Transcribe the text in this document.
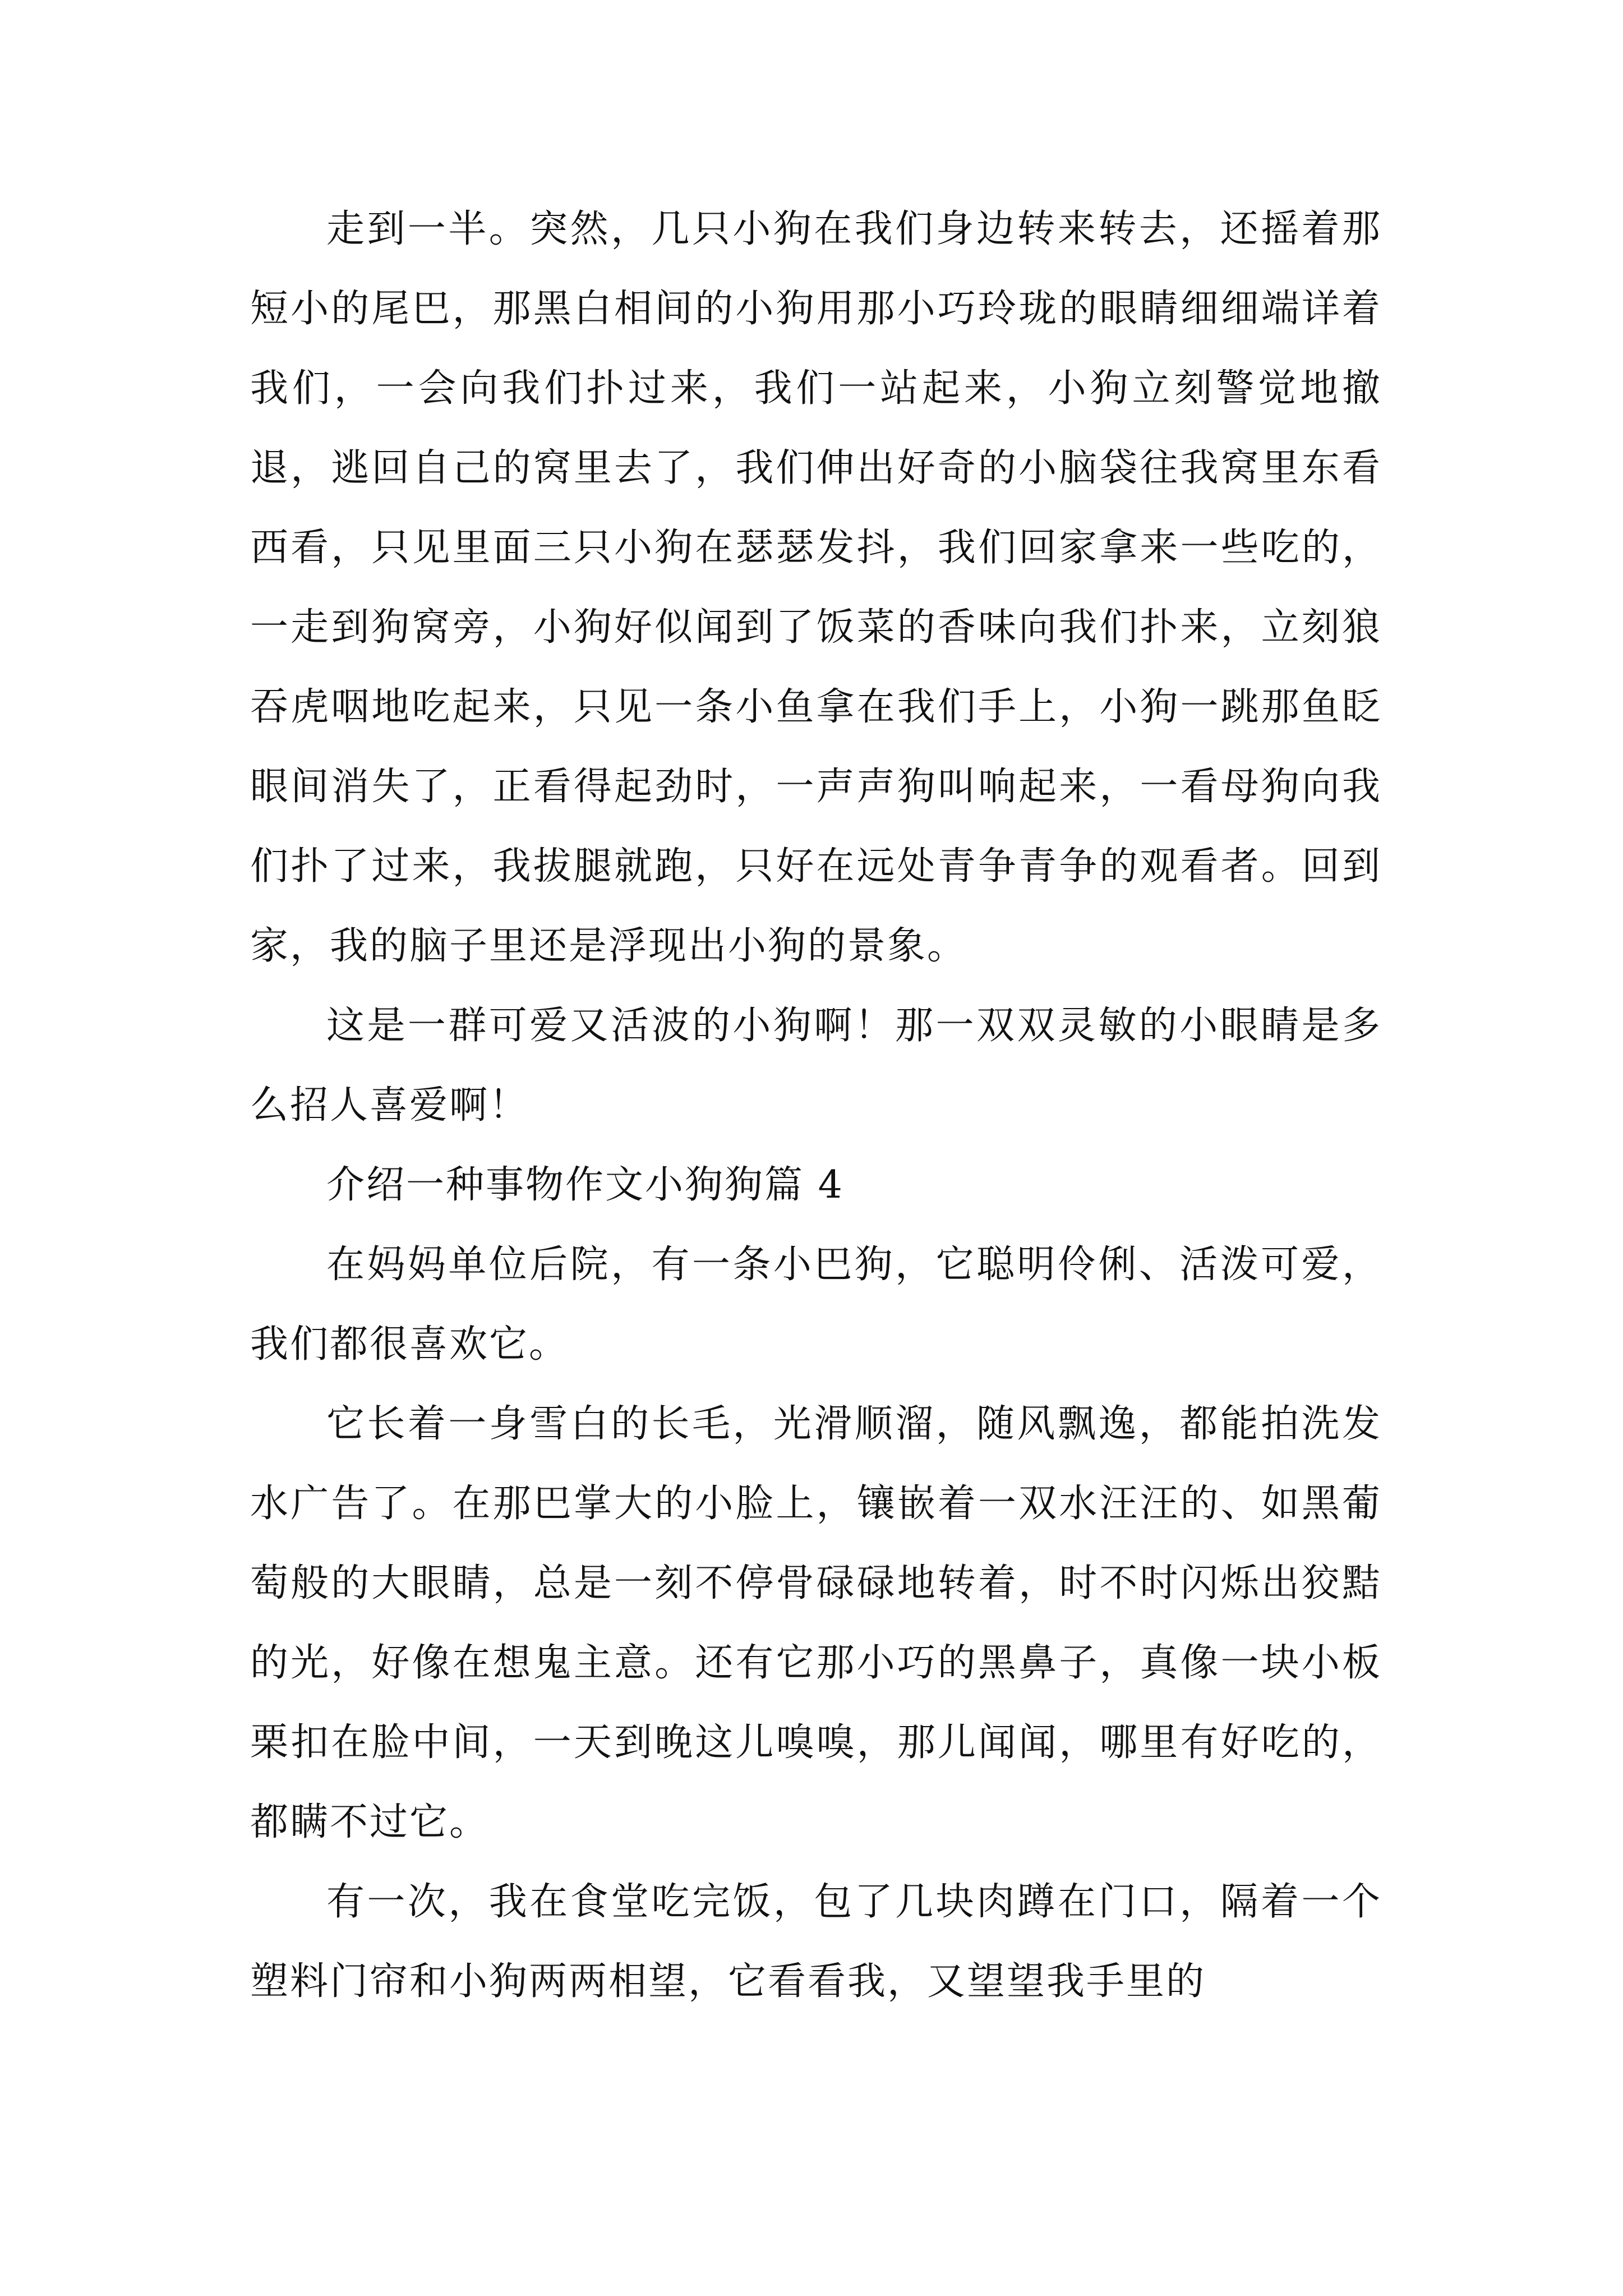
走到一半。突然，几只小狗在我们身边转来转去，还摇着那短小的尾巴，那黑白相间的小狗用那小巧玲珑的眼睛细细端详着我们，一会向我们扑过来，我们一站起来，小狗立刻警觉地撤退，逃回自己的窝里去了，我们伸出好奇的小脑袋往我窝里东看西看，只见里面三只小狗在瑟瑟发抖，我们回家拿来一些吃的，一走到狗窝旁，小狗好似闻到了饭菜的香味向我们扑来，立刻狼吞虎咽地吃起来，只见一条小鱼拿在我们手上，小狗一跳那鱼眨眼间消失了，正看得起劲时，一声声狗叫响起来，一看母狗向我们扑了过来，我拔腿就跑，只好在远处青争青争的观看者。回到家，我的脑子里还是浮现出小狗的景象。

这是一群可爱又活波的小狗啊！那一双双灵敏的小眼睛是多么招人喜爱啊！

介绍一种事物作文小狗狗篇 4

在妈妈单位后院，有一条小巴狗，它聪明伶俐、活泼可爱，我们都很喜欢它。

它长着一身雪白的长毛，光滑顺溜，随风飘逸，都能拍洗发水广告了。在那巴掌大的小脸上，镶嵌着一双水汪汪的、如黑葡萄般的大眼睛，总是一刻不停骨碌碌地转着，时不时闪烁出狡黠的光，好像在想鬼主意。还有它那小巧的黑鼻子，真像一块小板栗扣在脸中间，一天到晚这儿嗅嗅，那儿闻闻，哪里有好吃的，都瞒不过它。

有一次，我在食堂吃完饭，包了几块肉蹲在门口，隔着一个塑料门帘和小狗两两相望，它看看我，又望望我手里的
